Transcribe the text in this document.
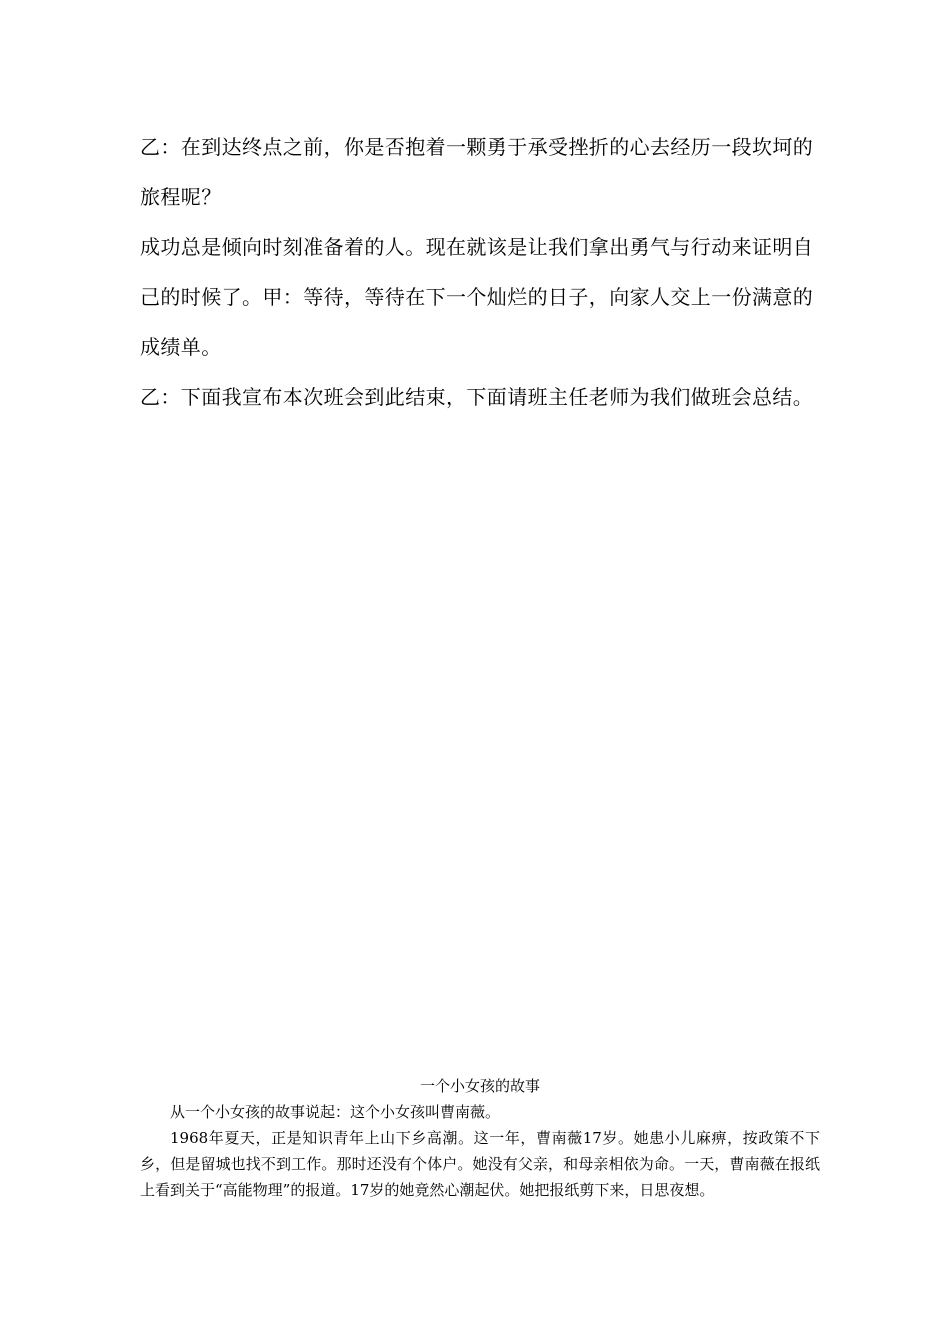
乙：在到达终点之前，你是否抱着一颗勇于承受挫折的心去经历一段坎坷的旅程呢？

成功总是倾向时刻准备着的人。现在就该是让我们拿出勇气与行动来证明自己的时候了。甲：等待，等待在下一个灿烂的日子，向家人交上一份满意的成绩单。

乙：下面我宣布本次班会到此结束，下面请班主任老师为我们做班会总结。

一个小女孩的故事

从一个小女孩的故事说起：这个小女孩叫曹南薇。

1968年夏天，正是知识青年上山下乡高潮。这一年，曹南薇17岁。她患小儿麻痹，按政策不下乡，但是留城也找不到工作。那时还没有个体户。她没有父亲，和母亲相依为命。一天，曹南薇在报纸上看到关于“高能物理”的报道。17岁的她竟然心潮起伏。她把报纸剪下来，日思夜想。
